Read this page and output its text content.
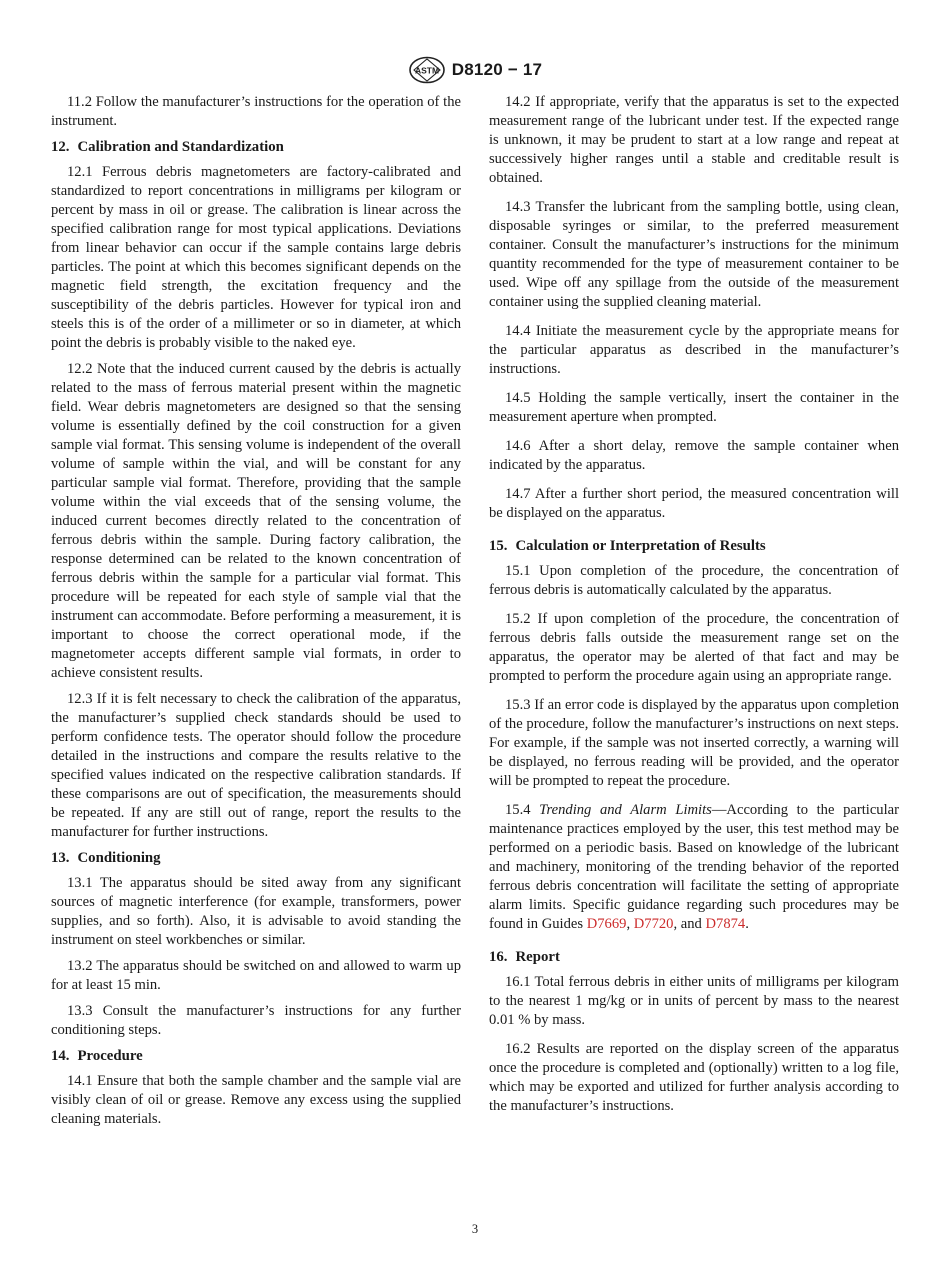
ASTM D8120 − 17

11.2 Follow the manufacturer’s instructions for the operation of the instrument.

12. Calibration and Standardization

12.1 Ferrous debris magnetometers are factory-calibrated and standardized to report concentrations in milligrams per kilogram or percent by mass in oil or grease. The calibration is linear across the specified calibration range for most typical applications. Deviations from linear behavior can occur if the sample contains large debris particles. The point at which this becomes significant depends on the magnetic field strength, the excitation frequency and the susceptibility of the debris particles. However for typical iron and steels this is of the order of a millimeter or so in diameter, at which point the debris is probably visible to the naked eye.

12.2 Note that the induced current caused by the debris is actually related to the mass of ferrous material present within the magnetic field. Wear debris magnetometers are designed so that the sensing volume is essentially defined by the coil construction for a given sample vial format. This sensing volume is independent of the overall volume of sample within the vial, and will be constant for any particular sample vial format. Therefore, providing that the sample volume within the vial exceeds that of the sensing volume, the induced current becomes directly related to the concentration of ferrous debris within the sample. During factory calibration, the response determined can be related to the known concentration of ferrous debris within the sample for a particular vial format. This procedure will be repeated for each style of sample vial that the instrument can accommodate. Before performing a measurement, it is important to choose the correct operational mode, if the magnetometer accepts different sample vial formats, in order to achieve consistent results.

12.3 If it is felt necessary to check the calibration of the apparatus, the manufacturer’s supplied check standards should be used to perform confidence tests. The operator should follow the procedure detailed in the instructions and compare the results relative to the specified values indicated on the respective calibration standards. If these comparisons are out of specification, the measurements should be repeated. If any are still out of range, report the results to the manufacturer for further instructions.

13. Conditioning

13.1 The apparatus should be sited away from any significant sources of magnetic interference (for example, transformers, power supplies, and so forth). Also, it is advisable to avoid standing the instrument on steel workbenches or similar.

13.2 The apparatus should be switched on and allowed to warm up for at least 15 min.

13.3 Consult the manufacturer’s instructions for any further conditioning steps.

14. Procedure

14.1 Ensure that both the sample chamber and the sample vial are visibly clean of oil or grease. Remove any excess using the supplied cleaning materials.

14.2 If appropriate, verify that the apparatus is set to the expected measurement range of the lubricant under test. If the expected range is unknown, it may be prudent to start at a low range and repeat at successively higher ranges until a stable and creditable result is obtained.

14.3 Transfer the lubricant from the sampling bottle, using clean, disposable syringes or similar, to the preferred measurement container. Consult the manufacturer’s instructions for the minimum quantity recommended for the type of measurement container to be used. Wipe off any spillage from the outside of the measurement container using the supplied cleaning material.

14.4 Initiate the measurement cycle by the appropriate means for the particular apparatus as described in the manufacturer’s instructions.

14.5 Holding the sample vertically, insert the container in the measurement aperture when prompted.

14.6 After a short delay, remove the sample container when indicated by the apparatus.

14.7 After a further short period, the measured concentration will be displayed on the apparatus.

15. Calculation or Interpretation of Results

15.1 Upon completion of the procedure, the concentration of ferrous debris is automatically calculated by the apparatus.

15.2 If upon completion of the procedure, the concentration of ferrous debris falls outside the measurement range set on the apparatus, the operator may be alerted of that fact and may be prompted to perform the procedure again using an appropriate range.

15.3 If an error code is displayed by the apparatus upon completion of the procedure, follow the manufacturer’s instructions on next steps. For example, if the sample was not inserted correctly, a warning will be displayed, no ferrous reading will be provided, and the operator will be prompted to repeat the procedure.

15.4 Trending and Alarm Limits—According to the particular maintenance practices employed by the user, this test method may be performed on a periodic basis. Based on knowledge of the lubricant and machinery, monitoring of the trending behavior of the reported ferrous debris concentration will facilitate the setting of appropriate alarm limits. Specific guidance regarding such procedures may be found in Guides D7669, D7720, and D7874.

16. Report

16.1 Total ferrous debris in either units of milligrams per kilogram to the nearest 1 mg/kg or in units of percent by mass to the nearest 0.01 % by mass.

16.2 Results are reported on the display screen of the apparatus once the procedure is completed and (optionally) written to a log file, which may be exported and utilized for further analysis according to the manufacturer’s instructions.

3
